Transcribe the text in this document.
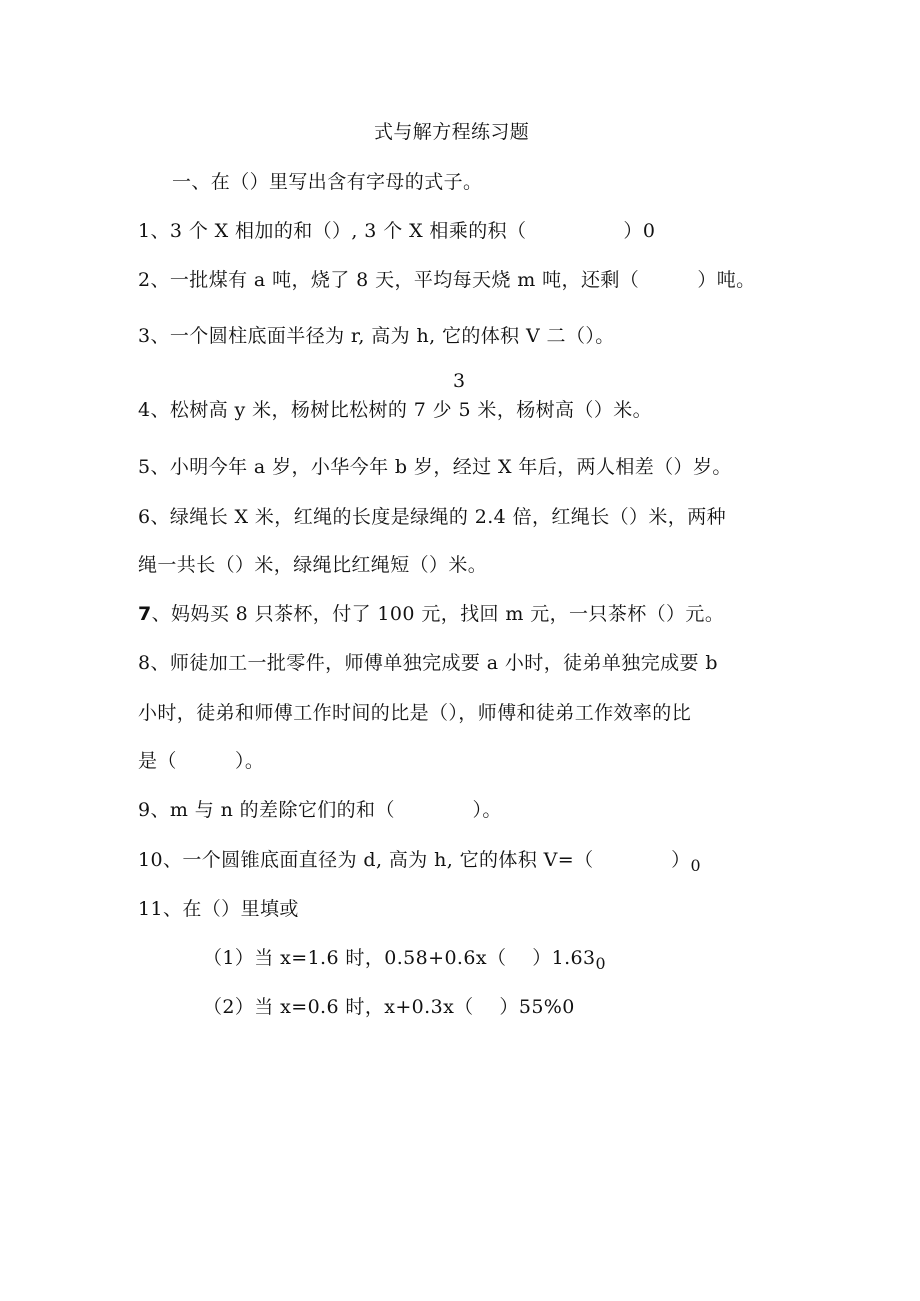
式与解方程练习题
一、在（）里写出含有字母的式子。
1、3 个 X 相加的和（）, 3 个 X 相乘的积（　　　　　）0
2、一批煤有 a 吨，烧了 8 天，平均每天烧 m 吨，还剩（　　　）吨。
3、一个圆柱底面半径为 r, 高为 h, 它的体积 V 二（）。
3
4、松树高 y 米，杨树比松树的 7 少 5 米，杨树高（）米。
5、小明今年 a 岁，小华今年 b 岁，经过 X 年后，两人相差（）岁。
6、绿绳长 X 米，红绳的长度是绿绳的 2.4 倍，红绳长（）米，两种
绳一共长（）米，绿绳比红绳短（）米。
7、妈妈买 8 只茶杯，付了 100 元，找回 m 元，一只茶杯（）元。
8、师徒加工一批零件，师傅单独完成要 a 小时，徒弟单独完成要 b
小时，徒弟和师傅工作时间的比是（），师傅和徒弟工作效率的比
是（　　　）。
9、m 与 n 的差除它们的和（　　　　）。
10、一个圆锥底面直径为 d, 高为 h, 它的体积 V=（　　　　）$_0$
11、在（）里填或
（1）当 x=1.6 时，0.58+0.6x（　 ）$1.63_0$
（2）当 x=0.6 时，x+0.3x（　 ）55%0
